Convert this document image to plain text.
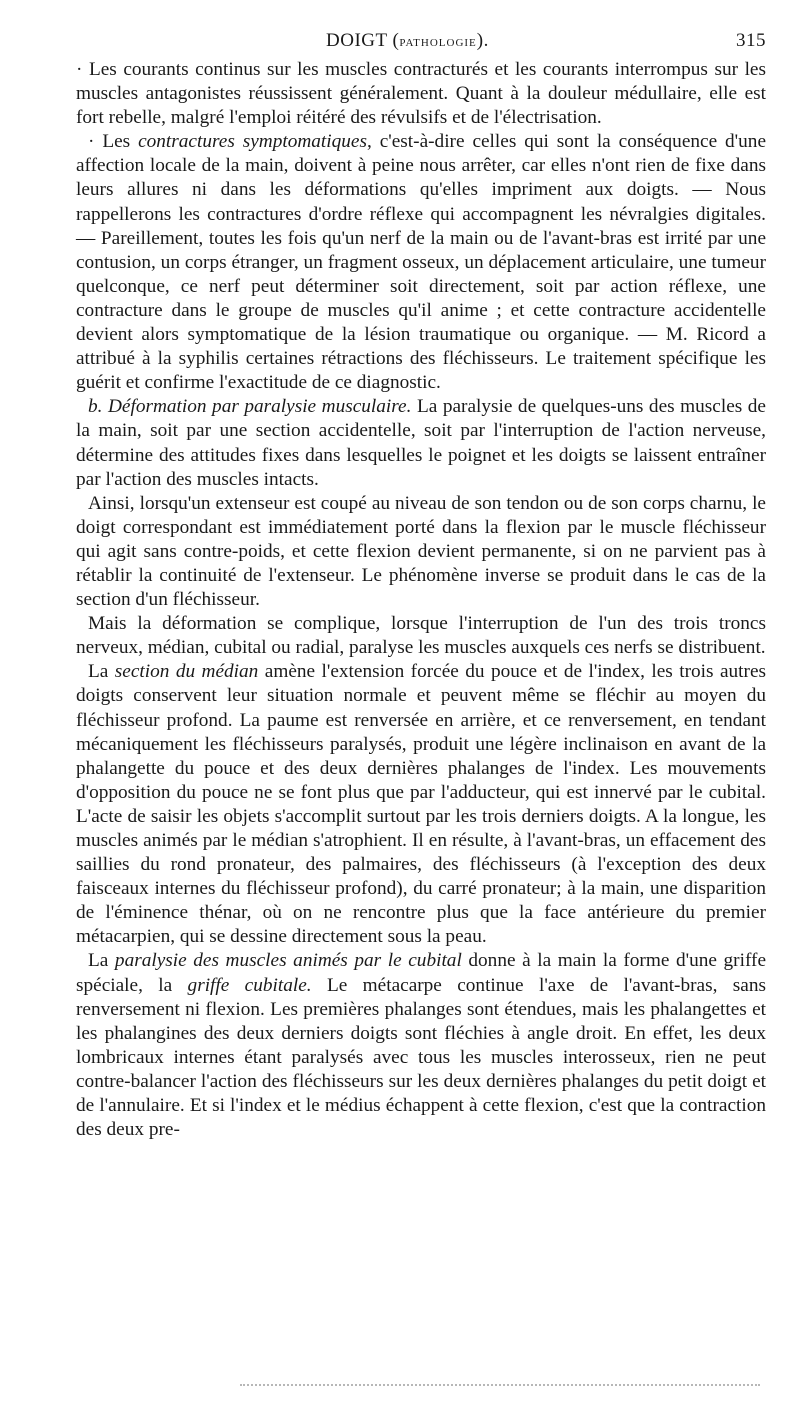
DOIGT (pathologie).	315

· Les courants continus sur les muscles contracturés et les courants interrompus sur les muscles antagonistes réussissent généralement. Quant à la douleur médullaire, elle est fort rebelle, malgré l'emploi réitéré des révulsifs et de l'électrisation.

· Les contractures symptomatiques, c'est-à-dire celles qui sont la conséquence d'une affection locale de la main, doivent à peine nous arrêter, car elles n'ont rien de fixe dans leurs allures ni dans les déformations qu'elles impriment aux doigts. — Nous rappellerons les contractures d'ordre réflexe qui accompagnent les névralgies digitales. — Pareillement, toutes les fois qu'un nerf de la main ou de l'avant-bras est irrité par une contusion, un corps étranger, un fragment osseux, un déplacement articulaire, une tumeur quelconque, ce nerf peut déterminer soit directement, soit par action réflexe, une contracture dans le groupe de muscles qu'il anime ; et cette contracture accidentelle devient alors symptomatique de la lésion traumatique ou organique. — M. Ricord a attribué à la syphilis certaines rétractions des fléchisseurs. Le traitement spécifique les guérit et confirme l'exactitude de ce diagnostic.

b. Déformation par paralysie musculaire. La paralysie de quelques-uns des muscles de la main, soit par une section accidentelle, soit par l'interruption de l'action nerveuse, détermine des attitudes fixes dans lesquelles le poignet et les doigts se laissent entraîner par l'action des muscles intacts.

Ainsi, lorsqu'un extenseur est coupé au niveau de son tendon ou de son corps charnu, le doigt correspondant est immédiatement porté dans la flexion par le muscle fléchisseur qui agit sans contre-poids, et cette flexion devient permanente, si on ne parvient pas à rétablir la continuité de l'extenseur. Le phénomène inverse se produit dans le cas de la section d'un fléchisseur.

Mais la déformation se complique, lorsque l'interruption de l'un des trois troncs nerveux, médian, cubital ou radial, paralyse les muscles auxquels ces nerfs se distribuent.

La section du médian amène l'extension forcée du pouce et de l'index, les trois autres doigts conservent leur situation normale et peuvent même se fléchir au moyen du fléchisseur profond. La paume est renversée en arrière, et ce renversement, en tendant mécaniquement les fléchisseurs paralysés, produit une légère inclinaison en avant de la phalangette du pouce et des deux dernières phalanges de l'index. Les mouvements d'opposition du pouce ne se font plus que par l'adducteur, qui est innervé par le cubital. L'acte de saisir les objets s'accomplit surtout par les trois derniers doigts. A la longue, les muscles animés par le médian s'atrophient. Il en résulte, à l'avant-bras, un effacement des saillies du rond pronateur, des palmaires, des fléchisseurs (à l'exception des deux faisceaux internes du fléchisseur profond), du carré pronateur; à la main, une disparition de l'éminence thénar, où on ne rencontre plus que la face antérieure du premier métacarpien, qui se dessine directement sous la peau.

La paralysie des muscles animés par le cubital donne à la main la forme d'une griffe spéciale, la griffe cubitale. Le métacarpe continue l'axe de l'avant-bras, sans renversement ni flexion. Les premières phalanges sont étendues, mais les phalangettes et les phalangines des deux derniers doigts sont fléchies à angle droit. En effet, les deux lombricaux internes étant paralysés avec tous les muscles interosseux, rien ne peut contre-balancer l'action des fléchisseurs sur les deux dernières phalanges du petit doigt et de l'annulaire. Et si l'index et le médius échappent à cette flexion, c'est que la contraction des deux pre-
